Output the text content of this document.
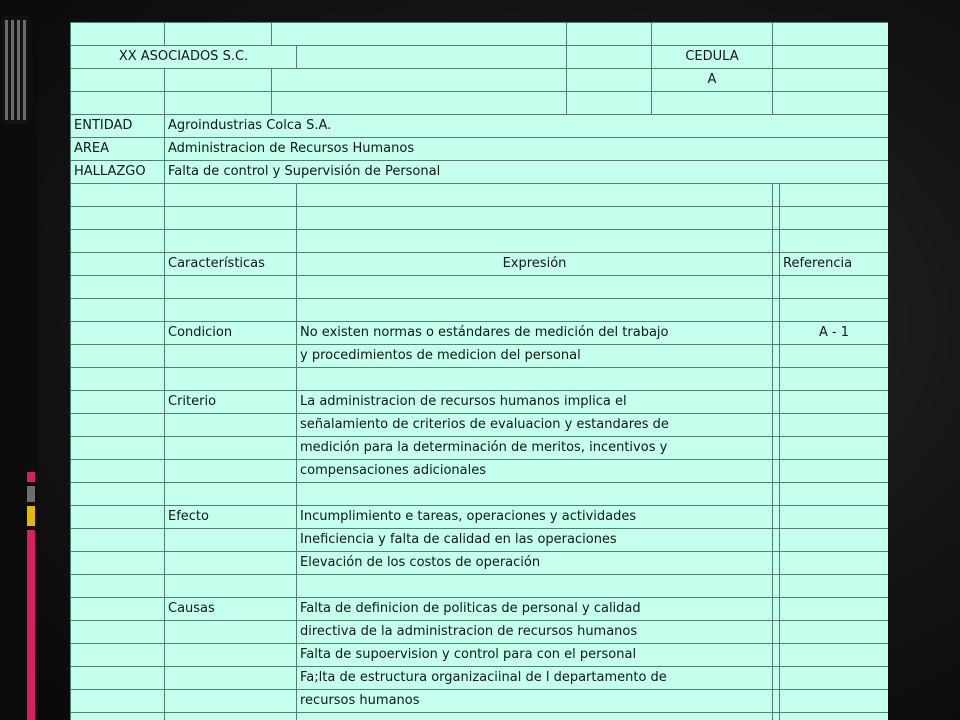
XX ASOCIADOS S.C.					CEDULA		
					A		

ENTIDAD	Agroindustrias Colca S.A.						
AREA	Administracion de Recursos Humanos						
HALLAZGO	Falta de control y Supervisión de Personal						

	Características		Expresión				Referencia

	Condicion		No existen normas o estándares de medición del trabajo				A - 1
			y procedimientos de medicion del personal				

	Criterio		La administracion de recursos humanos implica el				
			señalamiento de criterios de evaluacion y estandares de				
			medición para la determinación de meritos, incentivos y				
			compensaciones adicionales				

	Efecto		Incumplimiento e tareas, operaciones y actividades				
			Ineficiencia y falta de calidad en las operaciones				
			Elevación de los costos de operación				

	Causas		Falta de definicion de politicas de personal y calidad				
			directiva de la administracion de recursos humanos				
			Falta de supoervision y control para con el personal				
			Fa;lta de estructura organizaciinal de l departamento de				
			recursos humanos				
